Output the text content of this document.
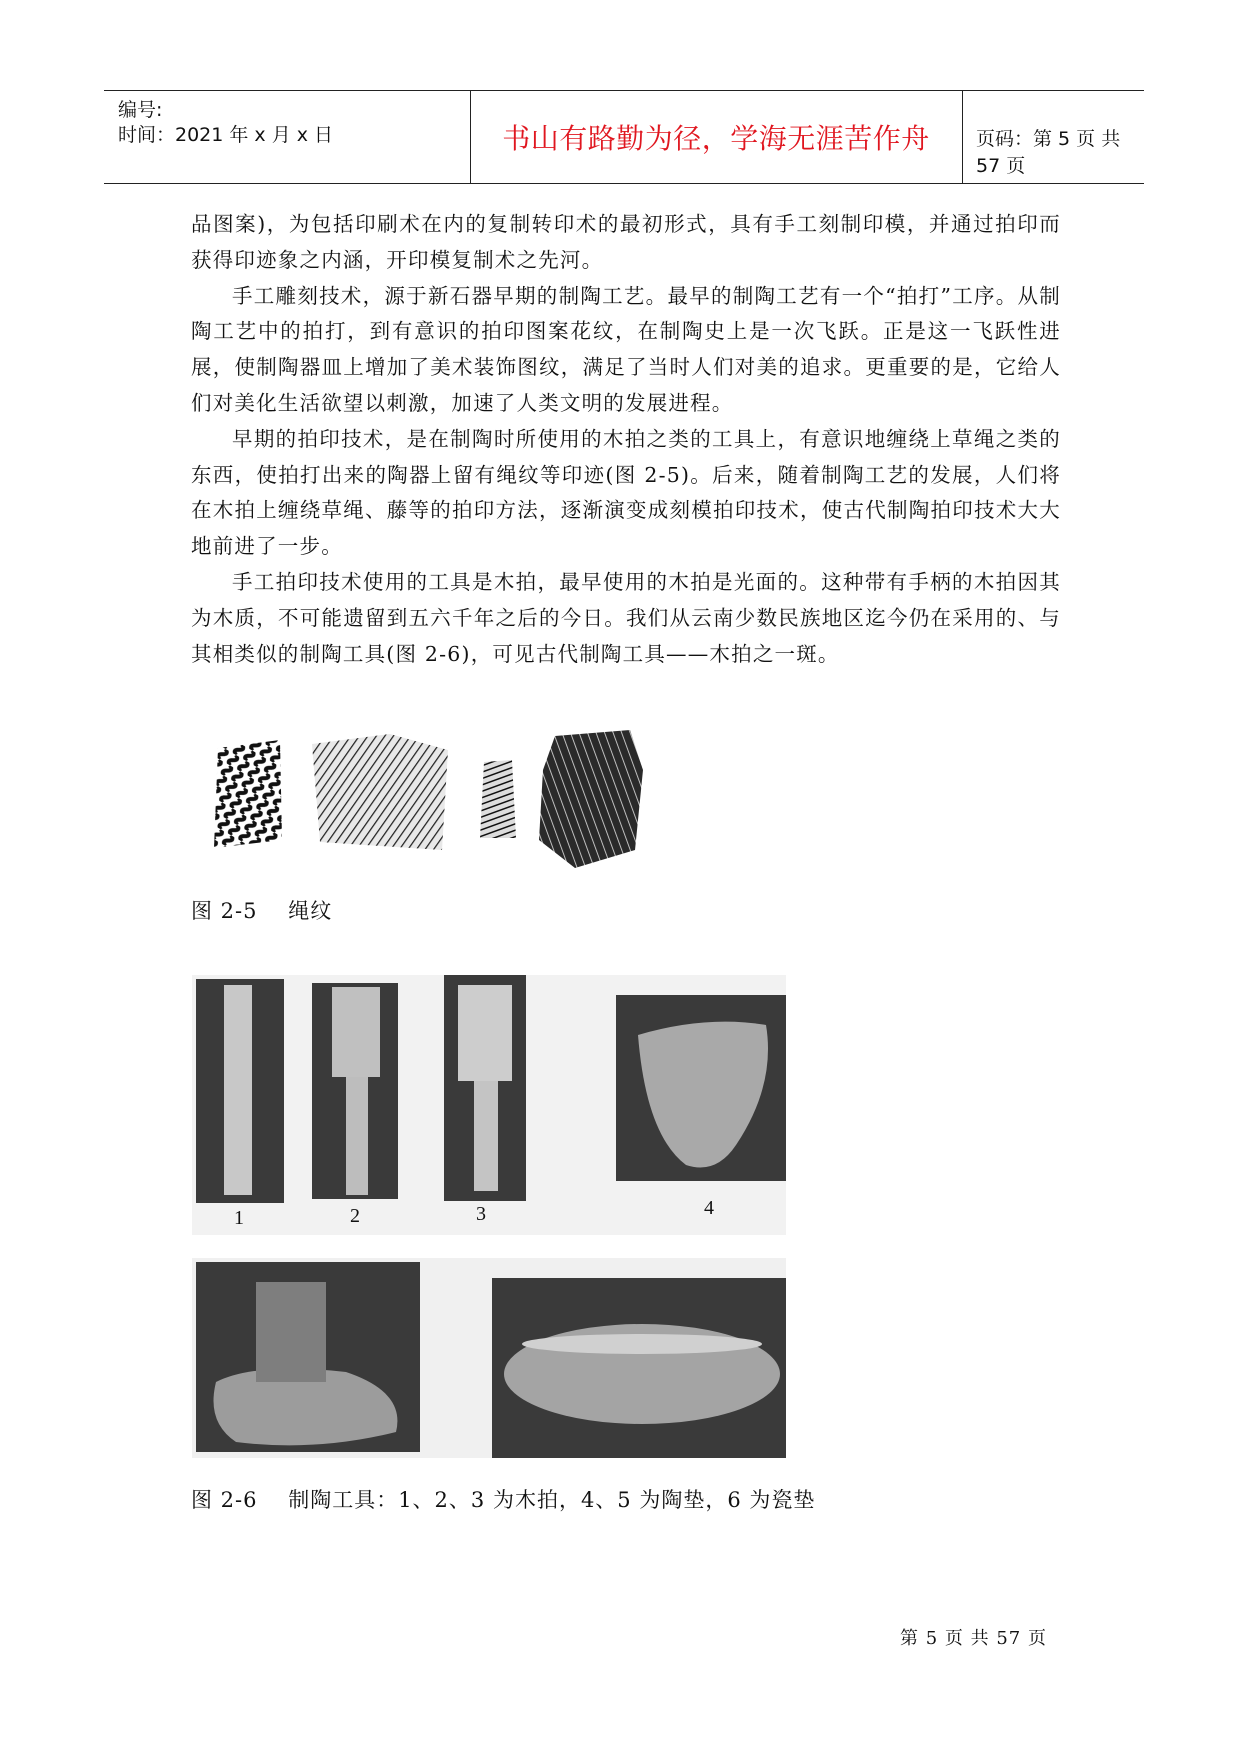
编号:
时间：2021 年 x 月 x 日	书山有路勤为径，学海无涯苦作舟	页码：第 5 页 共 57 页

品图案)，为包括印刷术在内的复制转印术的最初形式，具有手工刻制印模，并通过拍印而获得印迹象之内涵，开印模复制术之先河。

手工雕刻技术，源于新石器早期的制陶工艺。最早的制陶工艺有一个“拍打”工序。从制陶工艺中的拍打，到有意识的拍印图案花纹，在制陶史上是一次飞跃。正是这一飞跃性进展，使制陶器皿上增加了美术装饰图纹，满足了当时人们对美的追求。更重要的是，它给人们对美化生活欲望以刺激，加速了人类文明的发展进程。

早期的拍印技术，是在制陶时所使用的木拍之类的工具上，有意识地缠绕上草绳之类的东西，使拍打出来的陶器上留有绳纹等印迹(图 2-5)。后来，随着制陶工艺的发展，人们将在木拍上缠绕草绳、藤等的拍印方法，逐渐演变成刻模拍印技术，使古代制陶拍印技术大大地前进了一步。

手工拍印技术使用的工具是木拍，最早使用的木拍是光面的。这种带有手柄的木拍因其为木质，不可能遗留到五六千年之后的今日。我们从云南少数民族地区迄今仍在采用的、与其相类似的制陶工具(图 2-6)，可见古代制陶工具——木拍之一斑。

图 2-5    绳纹
1	2	3	4
图 2-6    制陶工具：1、2、3 为木拍，4、5 为陶垫，6 为瓷垫
第 5 页 共 57 页
